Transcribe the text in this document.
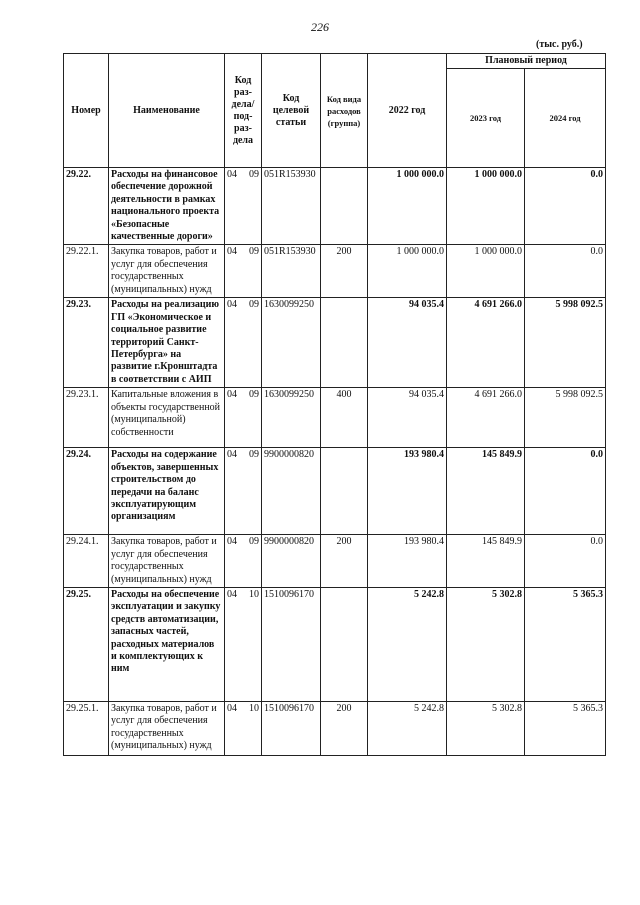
226
(тыс. руб.)
Номер	Наименование	Код раз-дела/ под-раз-дела	Код целевой статьи	Код вида расходов (группа)	2022 год	Плановый период	
						2023 год	2024 год
29.22.	Расходы на финансовое обеспечение дорожной деятельности в рамках национального проекта «Безопасные качественные дороги»	04 09	051R153930		1 000 000.0	1 000 000.0	0.0
29.22.1.	Закупка товаров, работ и услуг для обеспечения государственных (муниципальных) нужд	04 09	051R153930	200	1 000 000.0	1 000 000.0	0.0
29.23.	Расходы на реализацию ГП «Экономическое и социальное развитие территорий Санкт-Петербурга» на развитие г.Кронштадта в соответствии с АИП	04 09	1630099250		94 035.4	4 691 266.0	5 998 092.5
29.23.1.	Капитальные вложения в объекты государственной (муниципальной) собственности	04 09	1630099250	400	94 035.4	4 691 266.0	5 998 092.5
29.24.	Расходы на содержание объектов, завершенных строительством до передачи на баланс эксплуатирующим организациям	04 09	9900000820		193 980.4	145 849.9	0.0
29.24.1.	Закупка товаров, работ и услуг для обеспечения государственных (муниципальных) нужд	04 09	9900000820	200	193 980.4	145 849.9	0.0
29.25.	Расходы на обеспечение эксплуатации и закупку средств автоматизации, запасных частей, расходных материалов и комплектующих к ним	04 10	1510096170		5 242.8	5 302.8	5 365.3
29.25.1.	Закупка товаров, работ и услуг для обеспечения государственных (муниципальных) нужд	04 10	1510096170	200	5 242.8	5 302.8	5 365.3
